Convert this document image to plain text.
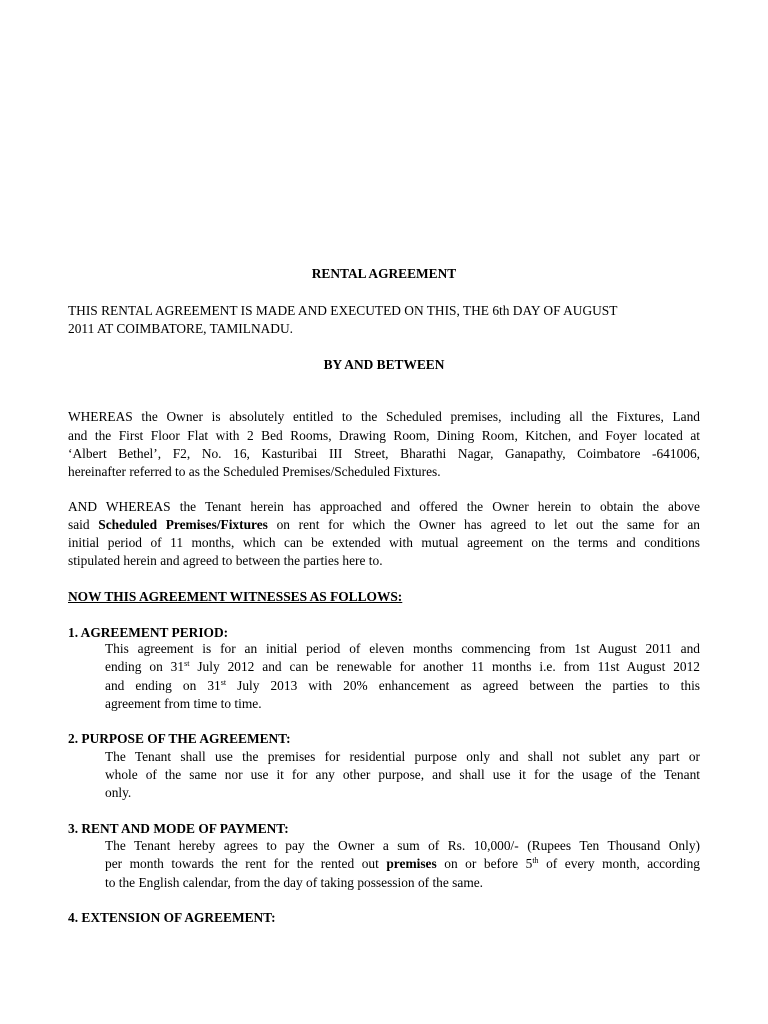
RENTAL AGREEMENT
THIS RENTAL AGREEMENT IS MADE AND EXECUTED ON THIS, THE 6th DAY OF AUGUST
2011 AT COIMBATORE, TAMILNADU.
BY AND BETWEEN
WHEREAS the Owner is absolutely entitled to the Scheduled premises, including all the Fixtures, Land
and the First Floor Flat with 2 Bed Rooms, Drawing Room, Dining Room, Kitchen, and Foyer located at
‘Albert Bethel’, F2, No. 16, Kasturibai III Street, Bharathi Nagar, Ganapathy, Coimbatore -641006,
hereinafter referred to as the Scheduled Premises/Scheduled Fixtures.
AND WHEREAS the Tenant herein has approached and offered the Owner herein to obtain the above
said Scheduled Premises/Fixtures on rent for which the Owner has agreed to let out the same for an
initial period of 11 months, which can be extended with mutual agreement on the terms and conditions
stipulated herein and agreed to between the parties here to.
NOW THIS AGREEMENT WITNESSES AS FOLLOWS:
1. AGREEMENT PERIOD:
This agreement is for an initial period of eleven months commencing from 1st August 2011 and
ending on 31st July 2012 and can be renewable for another 11 months i.e. from 11st August 2012
and ending on 31st July 2013 with 20% enhancement as agreed between the parties to this
agreement from time to time.
2. PURPOSE OF THE AGREEMENT:
The Tenant shall use the premises for residential purpose only and shall not sublet any part or
whole of the same nor use it for any other purpose, and shall use it for the usage of the Tenant
only.
3. RENT AND MODE OF PAYMENT:
The Tenant hereby agrees to pay the Owner a sum of Rs. 10,000/- (Rupees Ten Thousand Only)
per month towards the rent for the rented out premises on or before 5th of every month, according
to the English calendar, from the day of taking possession of the same.
4. EXTENSION OF AGREEMENT:
